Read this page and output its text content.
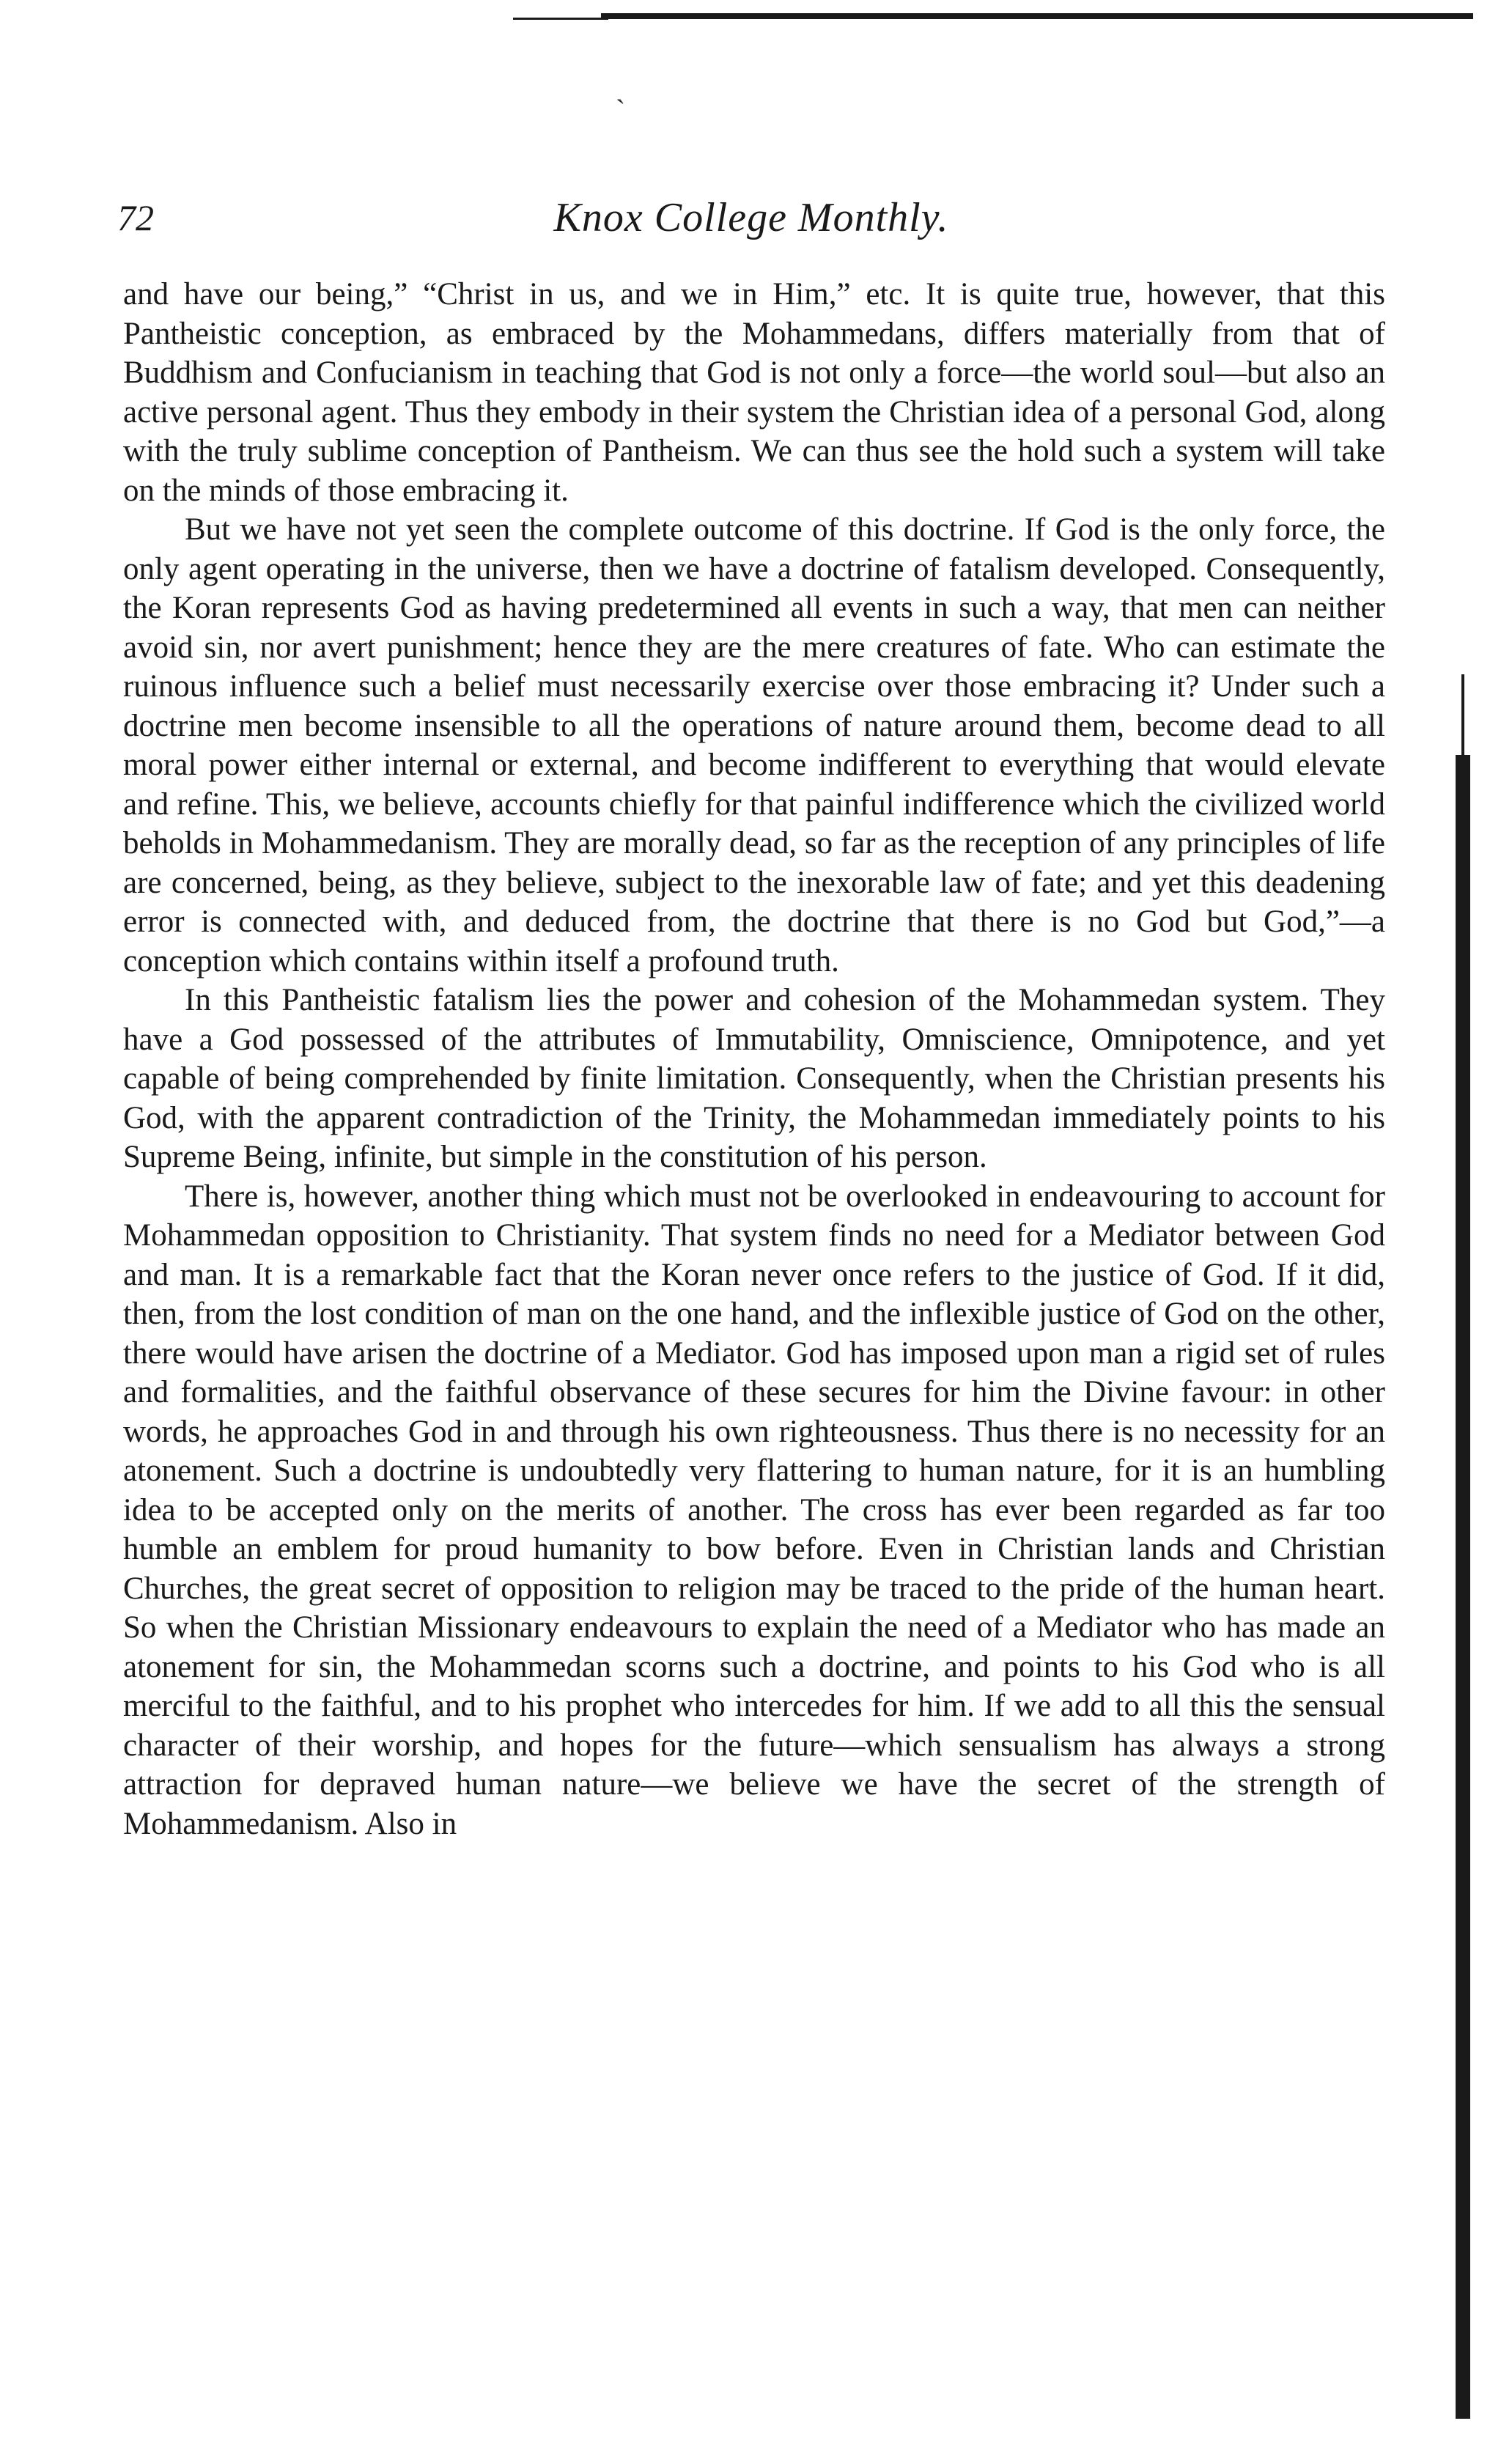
ˎ
72	Knox College Monthly.

and have our being,” “Christ in us, and we in Him,” etc. It is quite true, however, that this Pantheistic conception, as embraced by the Mohammedans, differs materially from that of Buddhism and Confucianism in teaching that God is not only a force—the world soul—but also an active personal agent. Thus they embody in their system the Christian idea of a personal God, along with the truly sublime conception of Pantheism. We can thus see the hold such a system will take on the minds of those embracing it.

But we have not yet seen the complete outcome of this doctrine. If God is the only force, the only agent operating in the universe, then we have a doctrine of fatalism developed. Consequently, the Koran represents God as having predetermined all events in such a way, that men can neither avoid sin, nor avert punishment; hence they are the mere creatures of fate. Who can estimate the ruinous influence such a belief must necessarily exercise over those embracing it? Under such a doctrine men become insensible to all the operations of nature around them, become dead to all moral power either internal or external, and become indifferent to everything that would elevate and refine. This, we believe, accounts chiefly for that painful indifference which the civilized world beholds in Mohammedanism. They are morally dead, so far as the reception of any principles of life are concerned, being, as they believe, subject to the inexorable law of fate; and yet this deadening error is connected with, and deduced from, the doctrine that there is no God but God,”—a conception which contains within itself a profound truth.

In this Pantheistic fatalism lies the power and cohesion of the Mohammedan system. They have a God possessed of the attributes of Immutability, Omniscience, Omnipotence, and yet capable of being comprehended by finite limitation. Consequently, when the Christian presents his God, with the apparent contradiction of the Trinity, the Mohammedan immediately points to his Supreme Being, infinite, but simple in the constitution of his person.

There is, however, another thing which must not be overlooked in endeavouring to account for Mohammedan opposition to Christianity. That system finds no need for a Mediator between God and man. It is a remarkable fact that the Koran never once refers to the justice of God. If it did, then, from the lost condition of man on the one hand, and the inflexible justice of God on the other, there would have arisen the doctrine of a Mediator. God has imposed upon man a rigid set of rules and formalities, and the faithful observance of these secures for him the Divine favour: in other words, he approaches God in and through his own righteousness. Thus there is no necessity for an atonement. Such a doctrine is undoubtedly very flattering to human nature, for it is an humbling idea to be accepted only on the merits of another. The cross has ever been regarded as far too humble an emblem for proud humanity to bow before. Even in Christian lands and Christian Churches, the great secret of opposition to religion may be traced to the pride of the human heart. So when the Christian Missionary endeavours to explain the need of a Mediator who has made an atonement for sin, the Mohammedan scorns such a doctrine, and points to his God who is all merciful to the faithful, and to his prophet who intercedes for him. If we add to all this the sensual character of their worship, and hopes for the future—which sensualism has always a strong attraction for depraved human nature—we believe we have the secret of the strength of Mohammedanism. Also in
